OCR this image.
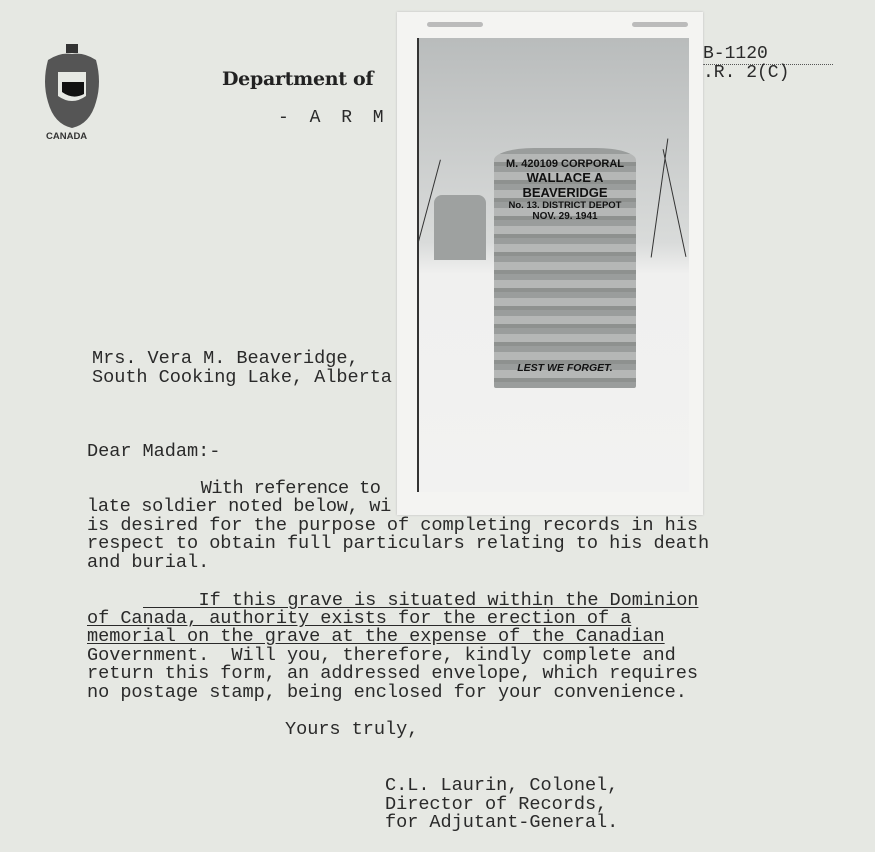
CANADA
Department of
- A R M
B-1120
.R. 2(C)
Mrs. Vera M. Beaveridge,
South Cooking Lake, Alberta
Dear Madam:-
With reference to
late soldier noted below, wi
is desired for the purpose of completing records in his
respect to obtain full particulars relating to his death
and burial.
If this grave is situated within the Dominion
of Canada, authority exists for the erection of a
memorial on the grave at the expense of the Canadian
Government.  Will you, therefore, kindly complete and
return this form, an addressed envelope, which requires
no postage stamp, being enclosed for your convenience.
Yours truly,
C.L. Laurin, Colonel,
Director of Records,
for Adjutant-General.
M. 420109 CORPORAL
WALLACE A
BEAVERIDGE
No. 13. DISTRICT DEPOT
NOV. 29. 1941
LEST WE FORGET.
